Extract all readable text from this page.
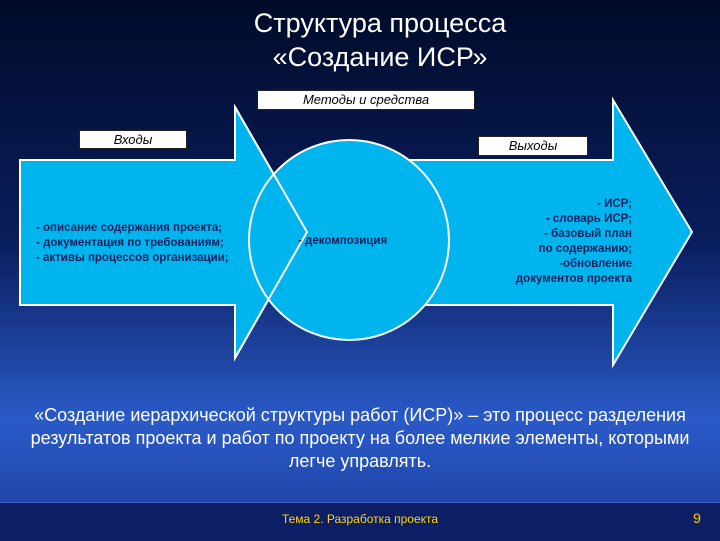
Структура процесса
«Создание ИСР»
Методы и средства
Входы	Выходы
- описание содержания проекта;
- документация по требованиям;
- активы процессов организации;
- декомпозиция
- ИСР;
- словарь ИСР;
- базовый план
по содержанию;
-обновление
документов проекта
«Создание иерархической структуры работ (ИСР)» – это процесс разделения результатов проекта и работ по проекту на более мелкие элементы, которыми легче управлять.
Тема 2. Разработка проекта	9
